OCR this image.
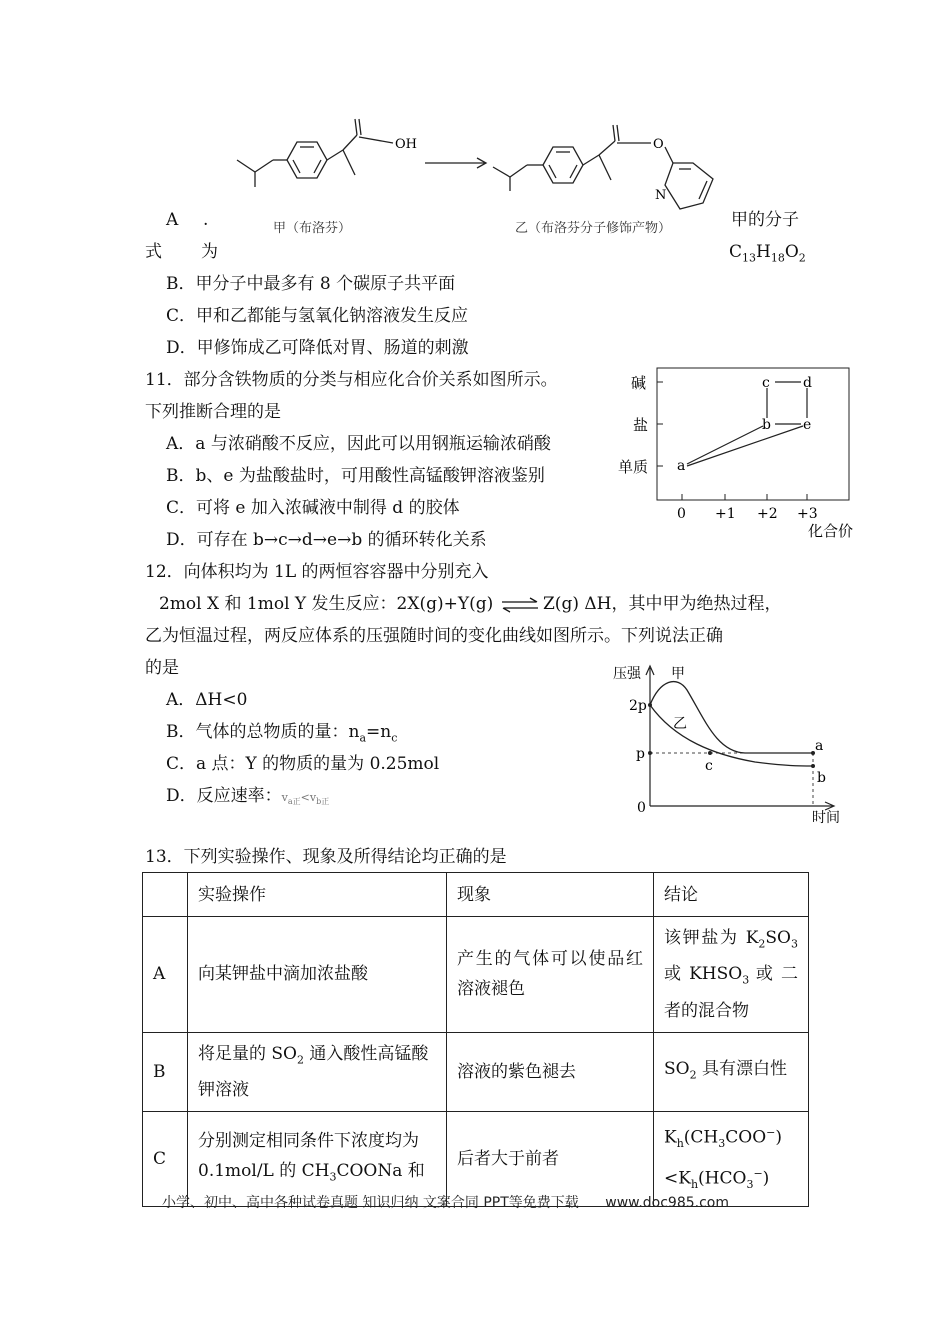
OH	O
N
甲（布洛芬）	乙（布洛芬分子修饰产物）
A .	甲的分子
式 为	$C_{13}H_{18}O_2$
B．甲分子中最多有 8 个碳原子共平面
C．甲和乙都能与氢氧化钠溶液发生反应
D．甲修饰成乙可降低对胃、肠道的刺激
11．部分含铁物质的分类与相应化合价关系如图所示。
下列推断合理的是
A．a 与浓硝酸不反应，因此可以用钢瓶运输浓硝酸
B．b、e 为盐酸盐时，可用酸性高锰酸钾溶液鉴别
C．可将 e 加入浓碱液中制得 d 的胶体
D．可存在 b→c→d→e→b 的循环转化关系
碱
盐
单质
0 +1 +2 +3
化合价
a
b
c d
e
12．向体积均为 1L 的两恒容容器中分别充入
2mol X 和 1mol Y 发生反应：2X(g)+Y(g) ⇌ Z(g) ΔH，其中甲为绝热过程，
乙为恒温过程，两反应体系的压强随时间的变化曲线如图所示。下列说法正确
的是
A．ΔH<0
B．气体的总物质的量：$n_a=n_c$
C．a 点：Y 的物质的量为 0.25mol
D．反应速率：$v_{a正}<v_{b正}$
压强
时间
2p
p
0
甲
乙
a
b
c
13．下列实验操作、现象及所得结论均正确的是
	实验操作	现象	结论
A	向某钾盐中滴加浓盐酸	产生的气体可以使品红溶液褪色	该钾盐为 $K_2SO_3$ 或 $KHSO_3$ 或 二者的混合物
B	将足量的 $SO_2$ 通入酸性高锰酸钾溶液	溶液的紫色褪去	$SO_2$ 具有漂白性
C	分别测定相同条件下浓度均为 0.1mol/L 的 $CH_3COONa$ 和	后者大于前者	$K_h(CH_3COO^-)$
$<K_h(HCO_3^-)$
小学、初中、高中各种试卷真题 知识归纳 文案合同 PPT等免费下载 www.doc985.com
